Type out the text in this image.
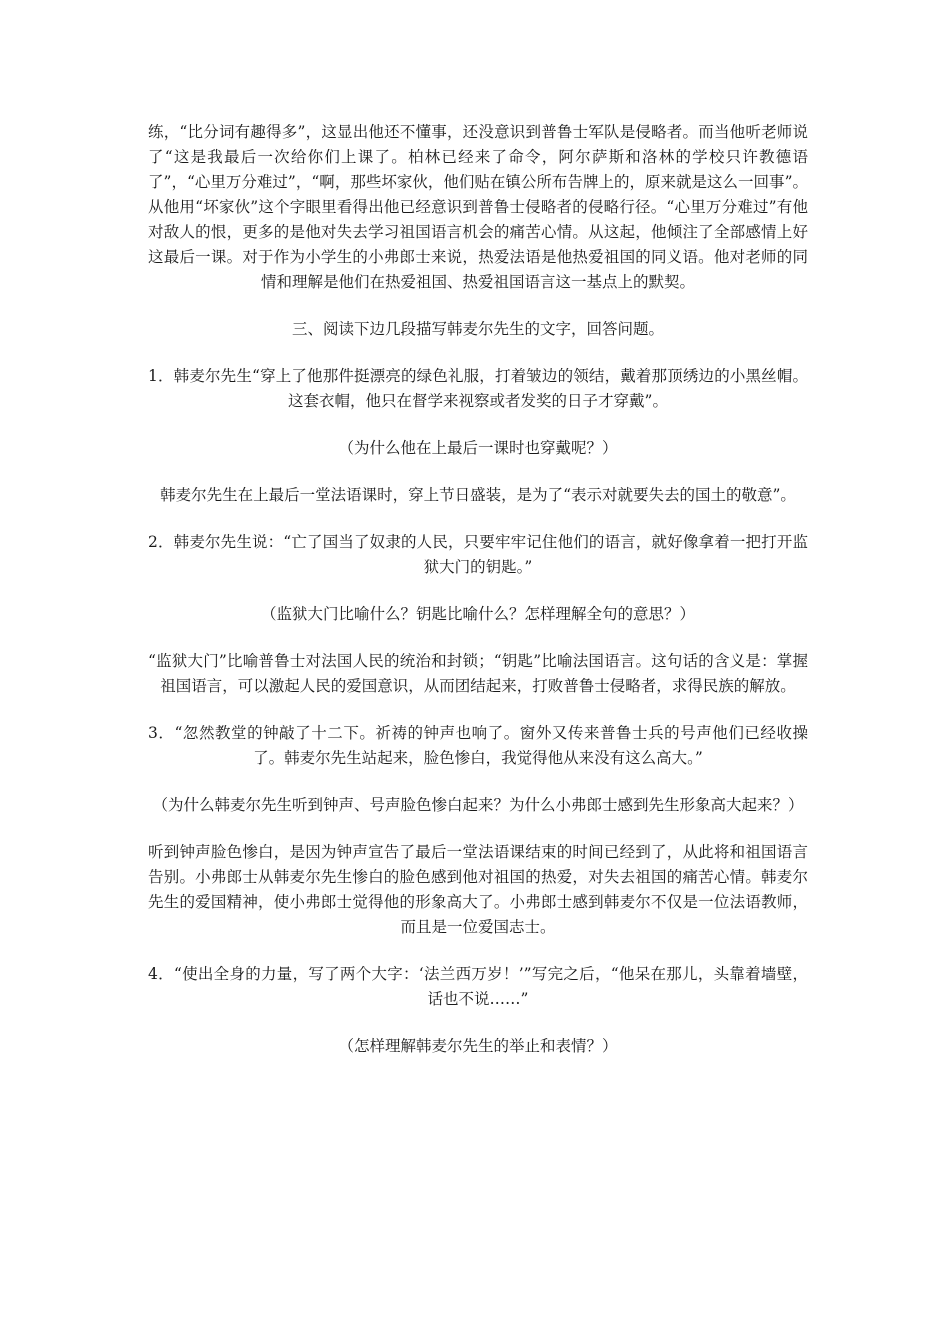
练，“比分词有趣得多”，这显出他还不懂事，还没意识到普鲁士军队是侵略者。而当他听老师说了“这是我最后一次给你们上课了。柏林已经来了命令，阿尔萨斯和洛林的学校只许教德语了”，“心里万分难过”，“啊，那些坏家伙，他们贴在镇公所布告牌上的，原来就是这么一回事”。从他用“坏家伙”这个字眼里看得出他已经意识到普鲁士侵略者的侵略行径。“心里万分难过”有他对敌人的恨，更多的是他对失去学习祖国语言机会的痛苦心情。从这起，他倾注了全部感情上好这最后一课。对于作为小学生的小弗郎士来说，热爱法语是他热爱祖国的同义语。他对老师的同情和理解是他们在热爱祖国、热爱祖国语言这一基点上的默契。

三、阅读下边几段描写韩麦尔先生的文字，回答问题。

1．韩麦尔先生“穿上了他那件挺漂亮的绿色礼服，打着皱边的领结，戴着那顶绣边的小黑丝帽。这套衣帽，他只在督学来视察或者发奖的日子才穿戴”。

（为什么他在上最后一课时也穿戴呢？）

韩麦尔先生在上最后一堂法语课时，穿上节日盛装，是为了“表示对就要失去的国土的敬意”。

2．韩麦尔先生说：“亡了国当了奴隶的人民，只要牢牢记住他们的语言，就好像拿着一把打开监狱大门的钥匙。”

（监狱大门比喻什么？钥匙比喻什么？怎样理解全句的意思？）

“监狱大门”比喻普鲁士对法国人民的统治和封锁；“钥匙”比喻法国语言。这句话的含义是：掌握祖国语言，可以激起人民的爱国意识，从而团结起来，打败普鲁士侵略者，求得民族的解放。

3．“忽然教堂的钟敲了十二下。祈祷的钟声也响了。窗外又传来普鲁士兵的号声他们已经收操了。韩麦尔先生站起来，脸色惨白，我觉得他从来没有这么高大。”

（为什么韩麦尔先生听到钟声、号声脸色惨白起来？为什么小弗郎士感到先生形象高大起来？）

听到钟声脸色惨白，是因为钟声宣告了最后一堂法语课结束的时间已经到了，从此将和祖国语言告别。小弗郎士从韩麦尔先生惨白的脸色感到他对祖国的热爱，对失去祖国的痛苦心情。韩麦尔先生的爱国精神，使小弗郎士觉得他的形象高大了。小弗郎士感到韩麦尔不仅是一位法语教师，而且是一位爱国志士。

4．“使出全身的力量，写了两个大字：‘法兰西万岁！’”写完之后，“他呆在那儿，头靠着墙壁，话也不说……”

（怎样理解韩麦尔先生的举止和表情？）
